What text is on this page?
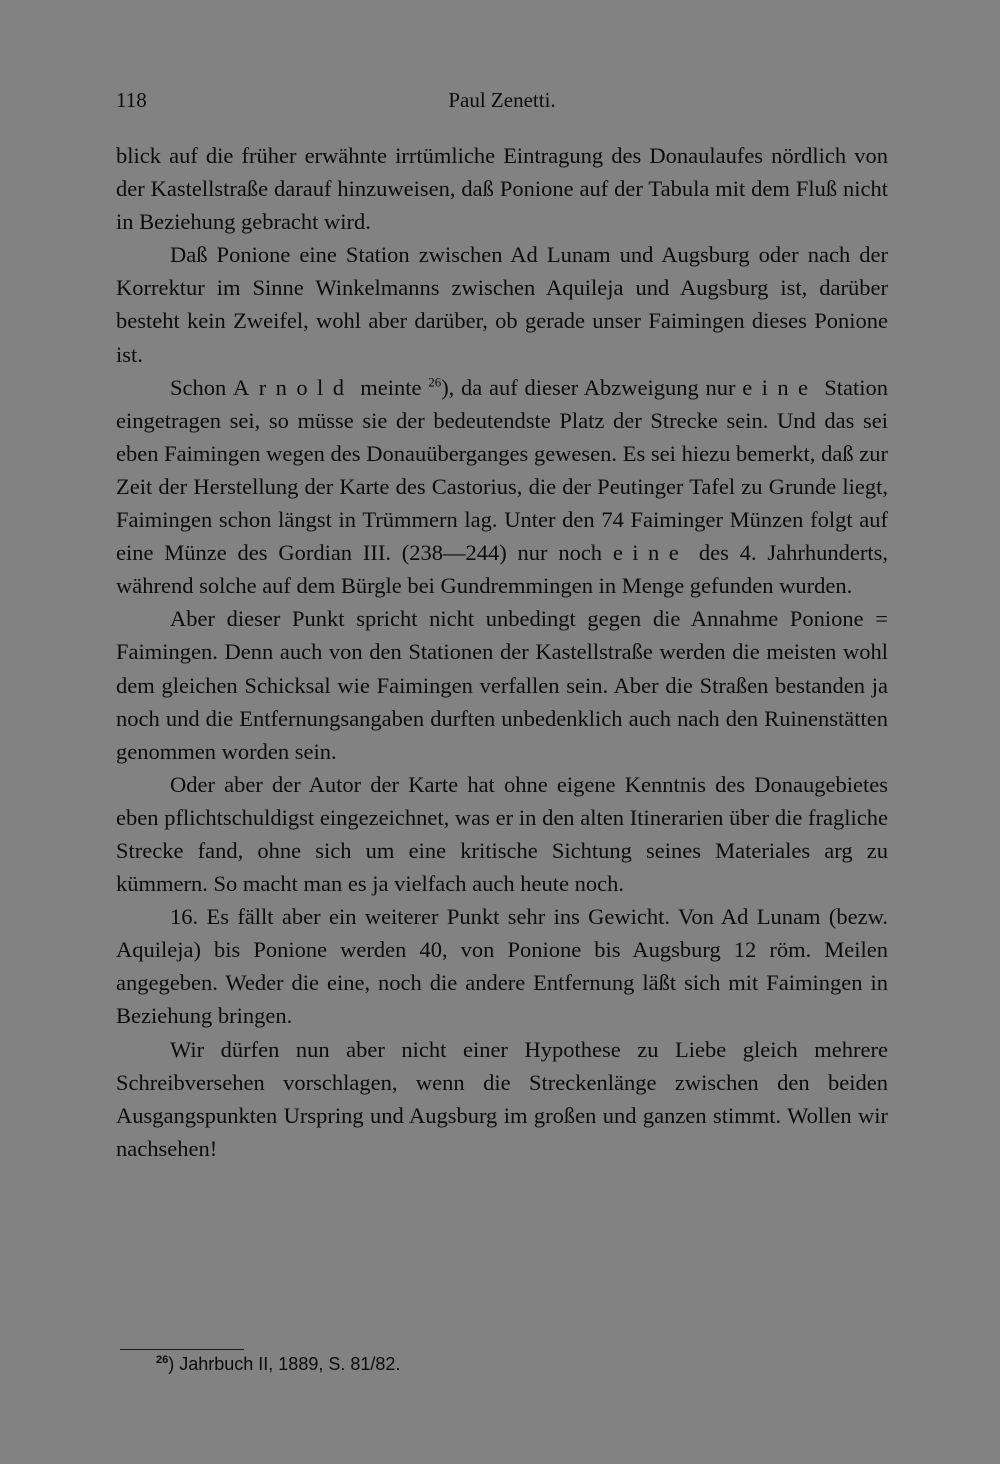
118	Paul Zenetti.

blick auf die früher erwähnte irrtümliche Eintragung des Donaulaufes nördlich von der Kastellstraße darauf hinzuweisen, daß Ponione auf der Tabula mit dem Fluß nicht in Beziehung gebracht wird.

Daß Ponione eine Station zwischen Ad Lunam und Augsburg oder nach der Korrektur im Sinne Winkelmanns zwischen Aquileja und Augsburg ist, darüber besteht kein Zweifel, wohl aber darüber, ob gerade unser Faimingen dieses Ponione ist.

Schon Arnold meinte $^{26}$), da auf dieser Abzweigung nur eine Station eingetragen sei, so müsse sie der bedeutendste Platz der Strecke sein. Und das sei eben Faimingen wegen des Donauüberganges gewesen. Es sei hiezu bemerkt, daß zur Zeit der Herstellung der Karte des Castorius, die der Peutinger Tafel zu Grunde liegt, Faimingen schon längst in Trümmern lag. Unter den 74 Faiminger Münzen folgt auf eine Münze des Gordian III. (238—244) nur noch eine des 4. Jahrhunderts, während solche auf dem Bürgle bei Gundremmingen in Menge gefunden wurden.

Aber dieser Punkt spricht nicht unbedingt gegen die Annahme Ponione = Faimingen. Denn auch von den Stationen der Kastellstraße werden die meisten wohl dem gleichen Schicksal wie Faimingen verfallen sein. Aber die Straßen bestanden ja noch und die Entfernungsangaben durften unbedenklich auch nach den Ruinenstätten genommen worden sein.

Oder aber der Autor der Karte hat ohne eigene Kenntnis des Donaugebietes eben pflichtschuldigst eingezeichnet, was er in den alten Itinerarien über die fragliche Strecke fand, ohne sich um eine kritische Sichtung seines Materiales arg zu kümmern. So macht man es ja vielfach auch heute noch.

16. Es fällt aber ein weiterer Punkt sehr ins Gewicht. Von Ad Lunam (bezw. Aquileja) bis Ponione werden 40, von Ponione bis Augsburg 12 röm. Meilen angegeben. Weder die eine, noch die andere Entfernung läßt sich mit Faimingen in Beziehung bringen.

Wir dürfen nun aber nicht einer Hypothese zu Liebe gleich mehrere Schreibversehen vorschlagen, wenn die Streckenlänge zwischen den beiden Ausgangspunkten Urspring und Augsburg im großen und ganzen stimmt. Wollen wir nachsehen!

$^{26}$) Jahrbuch II, 1889, S. 81/82.
